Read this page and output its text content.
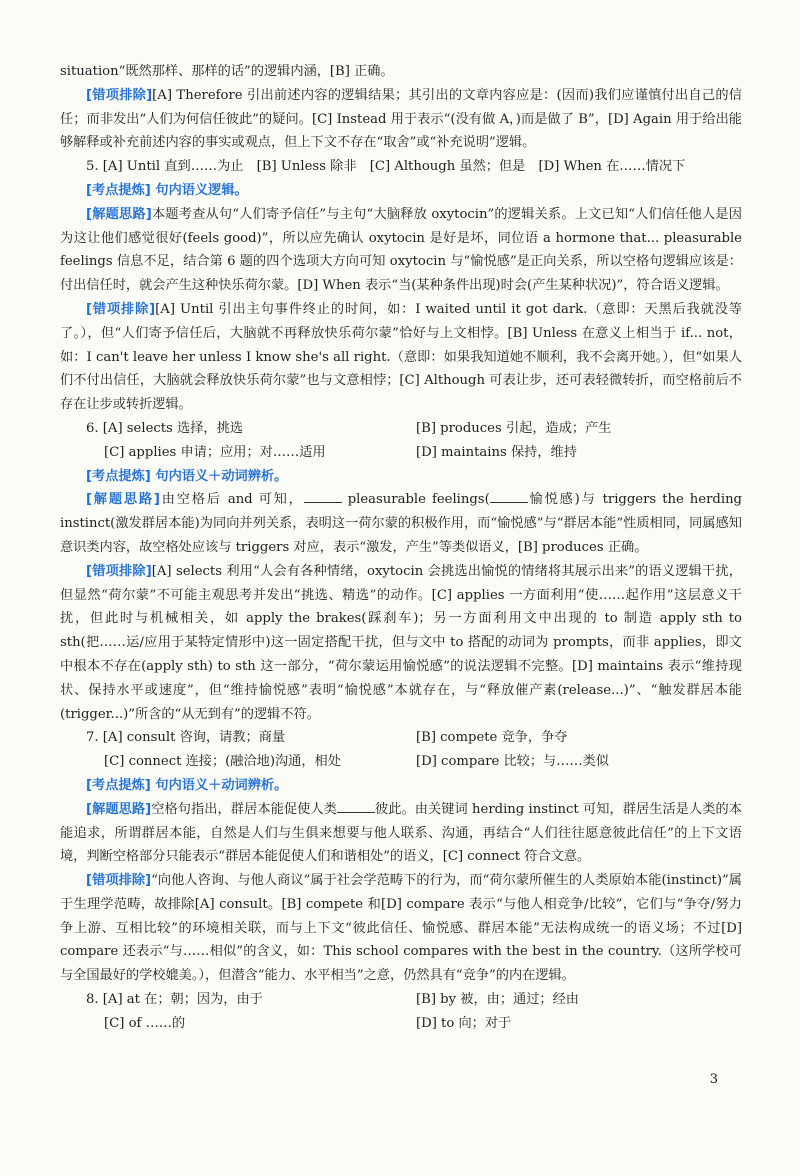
situation“既然那样、那样的话”的逻辑内涵，[B] 正确。

[错项排除][A] Therefore 引出前述内容的逻辑结果；其引出的文章内容应是：(因而)我们应谨慎付出自己的信任；而非发出“人们为何信任彼此”的疑问。[C] Instead 用于表示“(没有做 A，)而是做了 B”，[D] Again 用于给出能够解释或补充前述内容的事实或观点，但上下文不存在“取舍”或“补充说明”逻辑。

5. [A] Until 直到……为止　[B] Unless 除非　[C] Although 虽然；但是　[D] When 在……情况下

[考点提炼] 句内语义逻辑。

[解题思路]本题考查从句“人们寄予信任”与主句“大脑释放 oxytocin”的逻辑关系。上文已知“人们信任他人是因为这让他们感觉很好(feels good)”，所以应先确认 oxytocin 是好是坏，同位语 a hormone that... pleasurable feelings 信息不足，结合第 6 题的四个选项大方向可知 oxytocin 与“愉悦感”是正向关系，所以空格句逻辑应该是：付出信任时，就会产生这种快乐荷尔蒙。[D] When 表示“当(某种条件出现)时会(产生某种状况)”，符合语义逻辑。

[错项排除][A] Until 引出主句事件终止的时间，如：I waited until it got dark.（意即：天黑后我就没等了。），但“人们寄予信任后，大脑就不再释放快乐荷尔蒙”恰好与上文相悖。[B] Unless 在意义上相当于 if... not，如：I can't leave her unless I know she's all right.（意即：如果我知道她不顺利，我不会离开她。），但“如果人们不付出信任，大脑就会释放快乐荷尔蒙”也与文意相悖；[C] Although 可表让步，还可表轻微转折，而空格前后不存在让步或转折逻辑。

6. [A] selects 选择，挑选	[B] produces 引起，造成；产生
[C] applies 申请；应用；对……适用	[D] maintains 保持，维持

[考点提炼] 句内语义＋动词辨析。

[解题思路]由空格后 and 可知，	pleasurable feelings(	愉悦感)与 triggers the herding instinct(激发群居本能)为同向并列关系，表明这一荷尔蒙的积极作用，而“愉悦感”与“群居本能”性质相同，同属感知意识类内容，故空格处应该与 triggers 对应，表示“激发，产生”等类似语义，[B] produces 正确。

[错项排除][A] selects 利用“人会有各种情绪，oxytocin 会挑选出愉悦的情绪将其展示出来”的语义逻辑干扰，但显然“荷尔蒙”不可能主观思考并发出“挑选、精选”的动作。[C] applies 一方面利用“使……起作用”这层意义干扰，但此时与机械相关，如 apply the brakes(踩刹车)；另一方面利用文中出现的 to 制造 apply sth to sth(把……运/应用于某特定情形中)这一固定搭配干扰，但与文中 to 搭配的动词为 prompts，而非 applies，即文中根本不存在(apply sth) to sth 这一部分，“荷尔蒙运用愉悦感”的说法逻辑不完整。[D] maintains 表示“维持现状、保持水平或速度”，但“维持愉悦感”表明“愉悦感”本就存在，与“释放催产素(release...)”、“触发群居本能(trigger...)”所含的“从无到有”的逻辑不符。

7. [A] consult 咨询，请教；商量	[B] compete 竞争，争夺
[C] connect 连接；(融洽地)沟通，相处	[D] compare 比较；与……类似

[考点提炼] 句内语义＋动词辨析。

[解题思路]空格句指出，群居本能促使人类	彼此。由关键词 herding instinct 可知，群居生活是人类的本能追求，所谓群居本能，自然是人们与生俱来想要与他人联系、沟通，再结合“人们往往愿意彼此信任”的上下文语境，判断空格部分只能表示“群居本能促使人们和谐相处”的语义，[C] connect 符合文意。

[错项排除]“向他人咨询、与他人商议”属于社会学范畴下的行为，而“荷尔蒙所催生的人类原始本能(instinct)”属于生理学范畴，故排除[A] consult。[B] compete 和[D] compare 表示“与他人相竞争/比较”，它们与“争夺/努力争上游、互相比较”的环境相关联，而与上下文“彼此信任、愉悦感、群居本能”无法构成统一的语义场；不过[D] compare 还表示“与……相似”的含义，如：This school compares with the best in the country.（这所学校可与全国最好的学校媲美。），但潜含“能力、水平相当”之意，仍然具有“竞争”的内在逻辑。

8. [A] at 在；朝；因为，由于	[B] by 被，由；通过；经由
[C] of ……的	[D] to 向；对于
3
